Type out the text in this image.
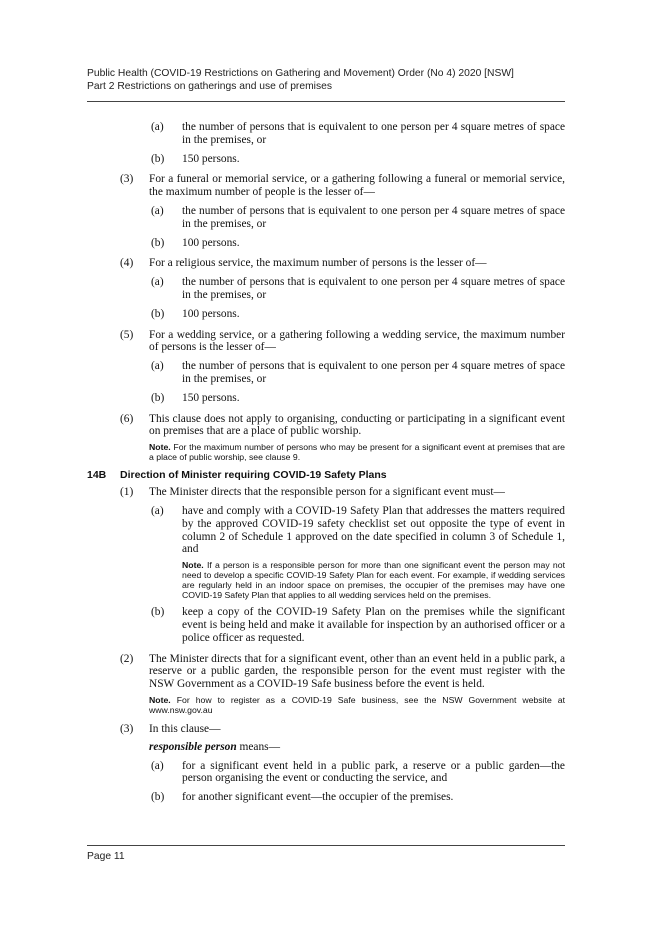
Public Health (COVID-19 Restrictions on Gathering and Movement) Order (No 4) 2020 [NSW]
Part 2 Restrictions on gatherings and use of premises
(a) the number of persons that is equivalent to one person per 4 square metres of space in the premises, or
(b) 150 persons.
(3) For a funeral or memorial service, or a gathering following a funeral or memorial service, the maximum number of people is the lesser of—
(a) the number of persons that is equivalent to one person per 4 square metres of space in the premises, or
(b) 100 persons.
(4) For a religious service, the maximum number of persons is the lesser of—
(a) the number of persons that is equivalent to one person per 4 square metres of space in the premises, or
(b) 100 persons.
(5) For a wedding service, or a gathering following a wedding service, the maximum number of persons is the lesser of—
(a) the number of persons that is equivalent to one person per 4 square metres of space in the premises, or
(b) 150 persons.
(6) This clause does not apply to organising, conducting or participating in a significant event on premises that are a place of public worship.
Note. For the maximum number of persons who may be present for a significant event at premises that are a place of public worship, see clause 9.
14B Direction of Minister requiring COVID-19 Safety Plans
(1) The Minister directs that the responsible person for a significant event must—
(a) have and comply with a COVID-19 Safety Plan that addresses the matters required by the approved COVID-19 safety checklist set out opposite the type of event in column 2 of Schedule 1 approved on the date specified in column 3 of Schedule 1, and
Note. If a person is a responsible person for more than one significant event the person may not need to develop a specific COVID-19 Safety Plan for each event. For example, if wedding services are regularly held in an indoor space on premises, the occupier of the premises may have one COVID-19 Safety Plan that applies to all wedding services held on the premises.
(b) keep a copy of the COVID-19 Safety Plan on the premises while the significant event is being held and make it available for inspection by an authorised officer or a police officer as requested.
(2) The Minister directs that for a significant event, other than an event held in a public park, a reserve or a public garden, the responsible person for the event must register with the NSW Government as a COVID-19 Safe business before the event is held.
Note. For how to register as a COVID-19 Safe business, see the NSW Government website at www.nsw.gov.au
(3) In this clause—
responsible person means—
(a) for a significant event held in a public park, a reserve or a public garden—the person organising the event or conducting the service, and
(b) for another significant event—the occupier of the premises.
Page 11
